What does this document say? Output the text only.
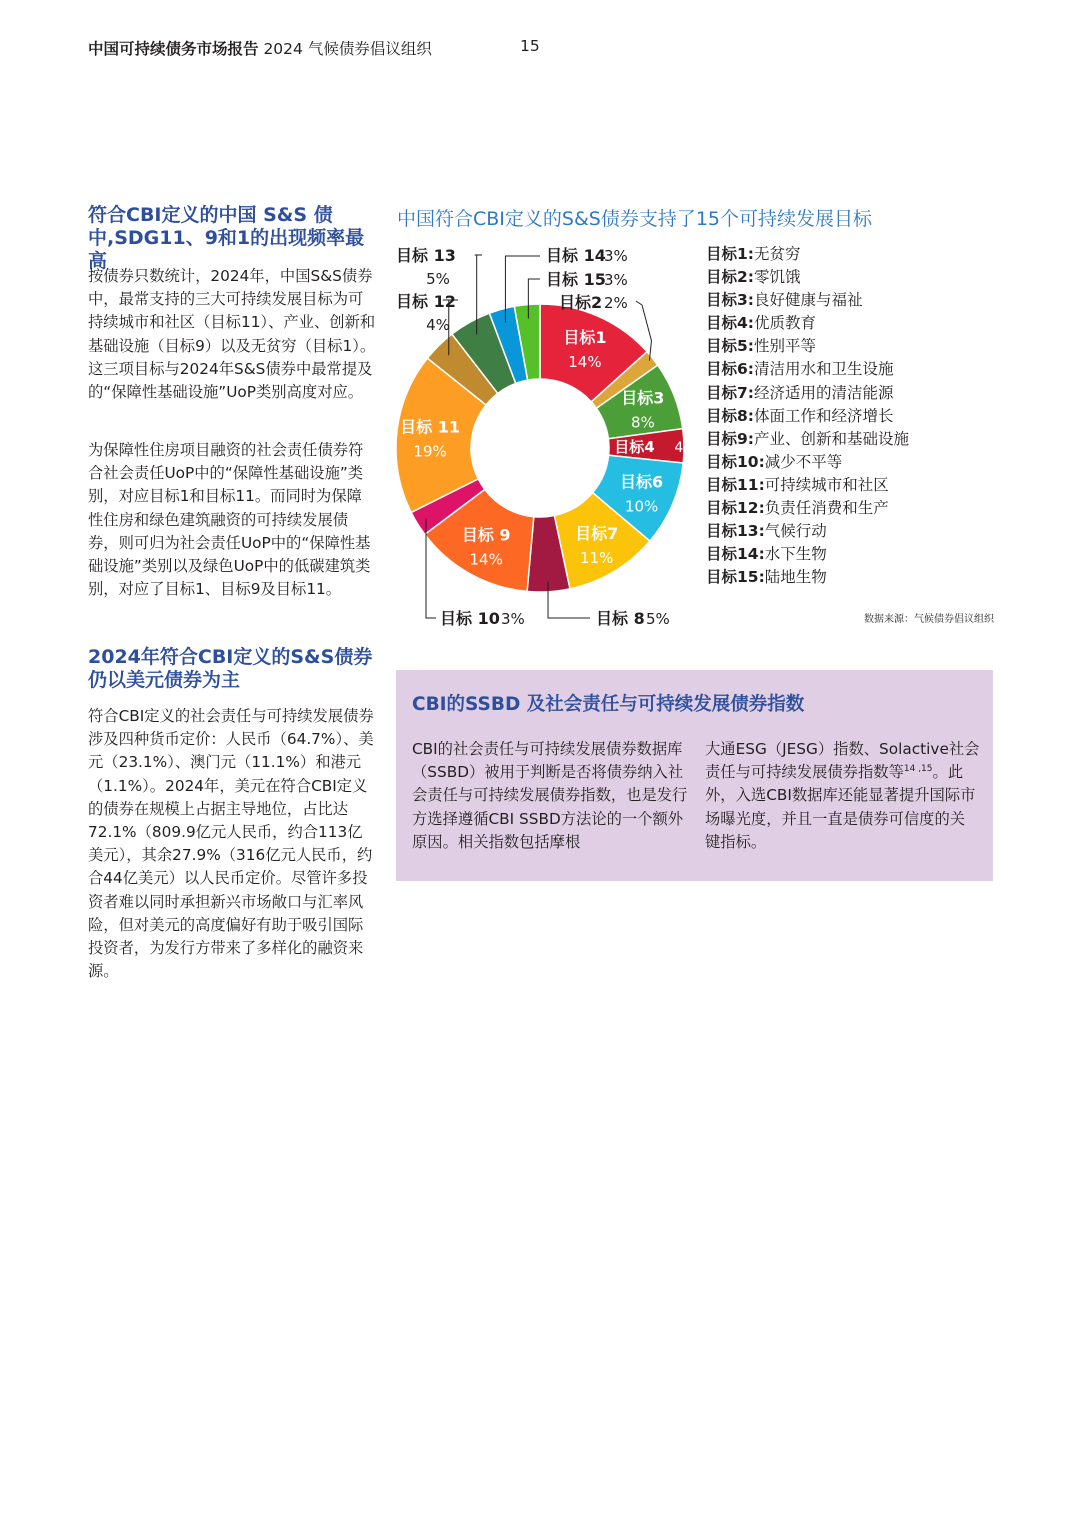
中国可持续债务市场报告 2024 气候债券倡议组织	15
符合CBI定义的中国 S&S 债中,SDG11、9和1的出现频率最高

按债券只数统计，2024年，中国S&S债券中，最常支持的三大可持续发展目标为可持续城市和社区（目标11）、产业、创新和基础设施（目标9）以及无贫穷（目标1）。这三项目标与2024年S&S债券中最常提及的“保障性基础设施”UoP类别高度对应。

为保障性住房项目融资的社会责任债券符合社会责任UoP中的“保障性基础设施”类别，对应目标1和目标11。而同时为保障性住房和绿色建筑融资的可持续发展债券，则可归为社会责任UoP中的“保障性基础设施”类别以及绿色UoP中的低碳建筑类别，对应了目标1、目标9及目标11。

2024年符合CBI定义的S&S债券仍以美元债券为主

符合CBI定义的社会责任与可持续发展债券涉及四种货币定价：人民币（64.7%）、美元（23.1%）、澳门元（11.1%）和港元（1.1%）。2024年，美元在符合CBI定义的债券在规模上占据主导地位，占比达72.1%（809.9亿元人民币，约合113亿美元），其余27.9%（316亿元人民币，约合44亿美元）以人民币定价。尽管许多投资者难以同时承担新兴市场敞口与汇率风险，但对美元的高度偏好有助于吸引国际投资者，为发行方带来了多样化的融资来源。

中国符合CBI定义的S&S债券支持了15个可持续发展目标
目标1
14%
目标3
8%
目标6
10%
目标7
11%
目标 9
14%
目标 11
19%	目标4 4%
目标 13
5%
目标 12
4%
目标 14
3%
目标 15
3%
目标2 2%
目标 8 5%
目标 10 3%
目标1:无贫穷
目标2:零饥饿
目标3:良好健康与福祉
目标4:优质教育
目标5:性别平等
目标6:清洁用水和卫生设施
目标7:经济适用的清洁能源
目标8:体面工作和经济增长
目标9:产业、创新和基础设施
目标10:减少不平等
目标11:可持续城市和社区
目标12:负责任消费和生产
目标13:气候行动
目标14:水下生物
目标15:陆地生物
数据来源：气候债券倡议组织
CBI的SSBD 及社会责任与可持续发展债券指数

CBI的社会责任与可持续发展债券数据库（SSBD）被用于判断是否将债券纳入社会责任与可持续发展债券指数，也是发行方选择遵循CBI SSBD方法论的一个额外原因。相关指数包括摩根

大通ESG（JESG）指数、Solactive社会责任与可持续发展债券指数等$^{14 ,15}$。此外，入选CBI数据库还能显著提升国际市场曝光度，并且一直是债券可信度的关键指标。
